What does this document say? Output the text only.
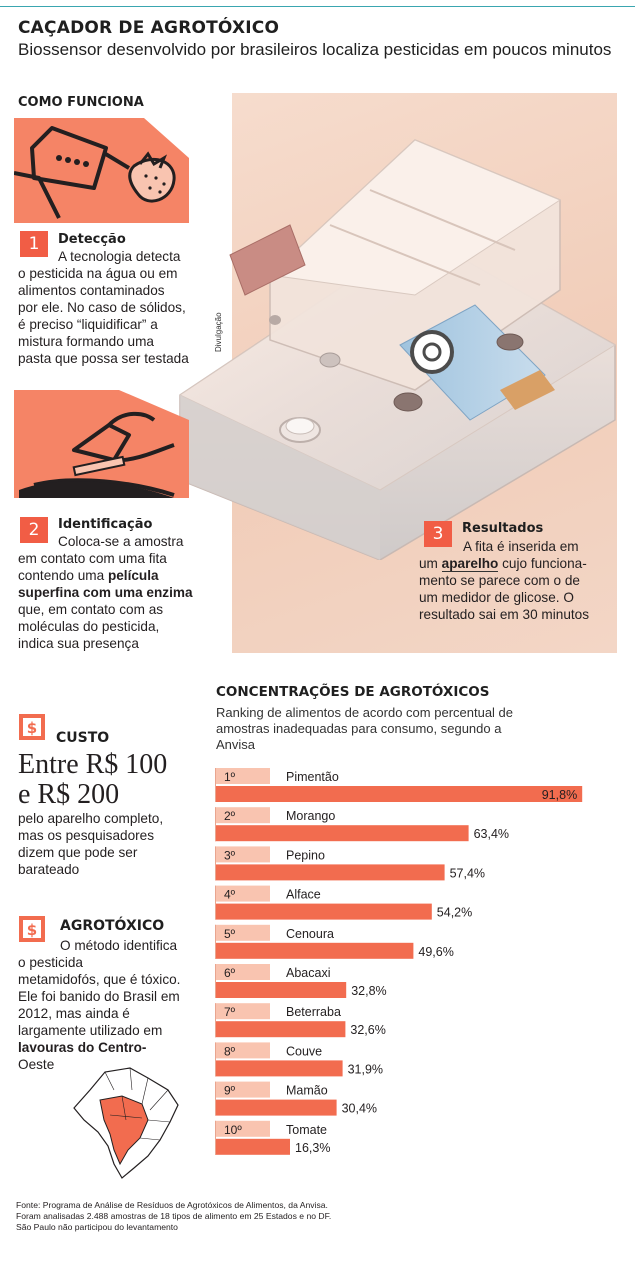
CAÇADOR DE AGROTÓXICO
Biossensor desenvolvido por brasileiros localiza pesticidas em poucos minutos
COMO FUNCIONA
Divulgação
1	Detecção
A tecnologia detecta
o pesticida na água ou em
alimentos contaminados
por ele. No caso de sólidos,
é preciso “liquidificar” a
mistura formando uma
pasta que possa ser testada
2	Identificação
Coloca-se a amostra
em contato com uma fita
contendo uma película
superfina com uma enzima
que, em contato com as
moléculas do pesticida,
indica sua presença
3	Resultados
A fita é inserida em
um aparelho cujo funciona-
mento se parece com o de
um medidor de glicose. O
resultado sai em 30 minutos
CONCENTRAÇÕES DE AGROTÓXICOS
Ranking de alimentos de acordo com percentual de amostras inadequadas para consumo, segundo a Anvisa
1º	Pimentão
91,8%
2º	Morango
63,4%
3º	Pepino
57,4%
4º	Alface
54,2%
5º	Cenoura
49,6%
6º	Abacaxi
32,8%
7º	Beterraba
32,6%
8º	Couve
31,9%
9º	Mamão
30,4%
10º	Tomate
16,3%
$
CUSTO
Entre R$ 100
e R$ 200
pelo aparelho completo,
mas os pesquisadores
dizem que pode ser
barateado
$ AGROTÓXICO
O método identifica
o pesticida
metamidofós, que é tóxico.
Ele foi banido do Brasil em
2012, mas ainda é
largamente utilizado em
lavouras do Centro-
Oeste
Fonte: Programa de Análise de Resíduos de Agrotóxicos de Alimentos, da Anvisa.
Foram analisadas 2.488 amostras de 18 tipos de alimento em 25 Estados e no DF.
São Paulo não participou do levantamento
